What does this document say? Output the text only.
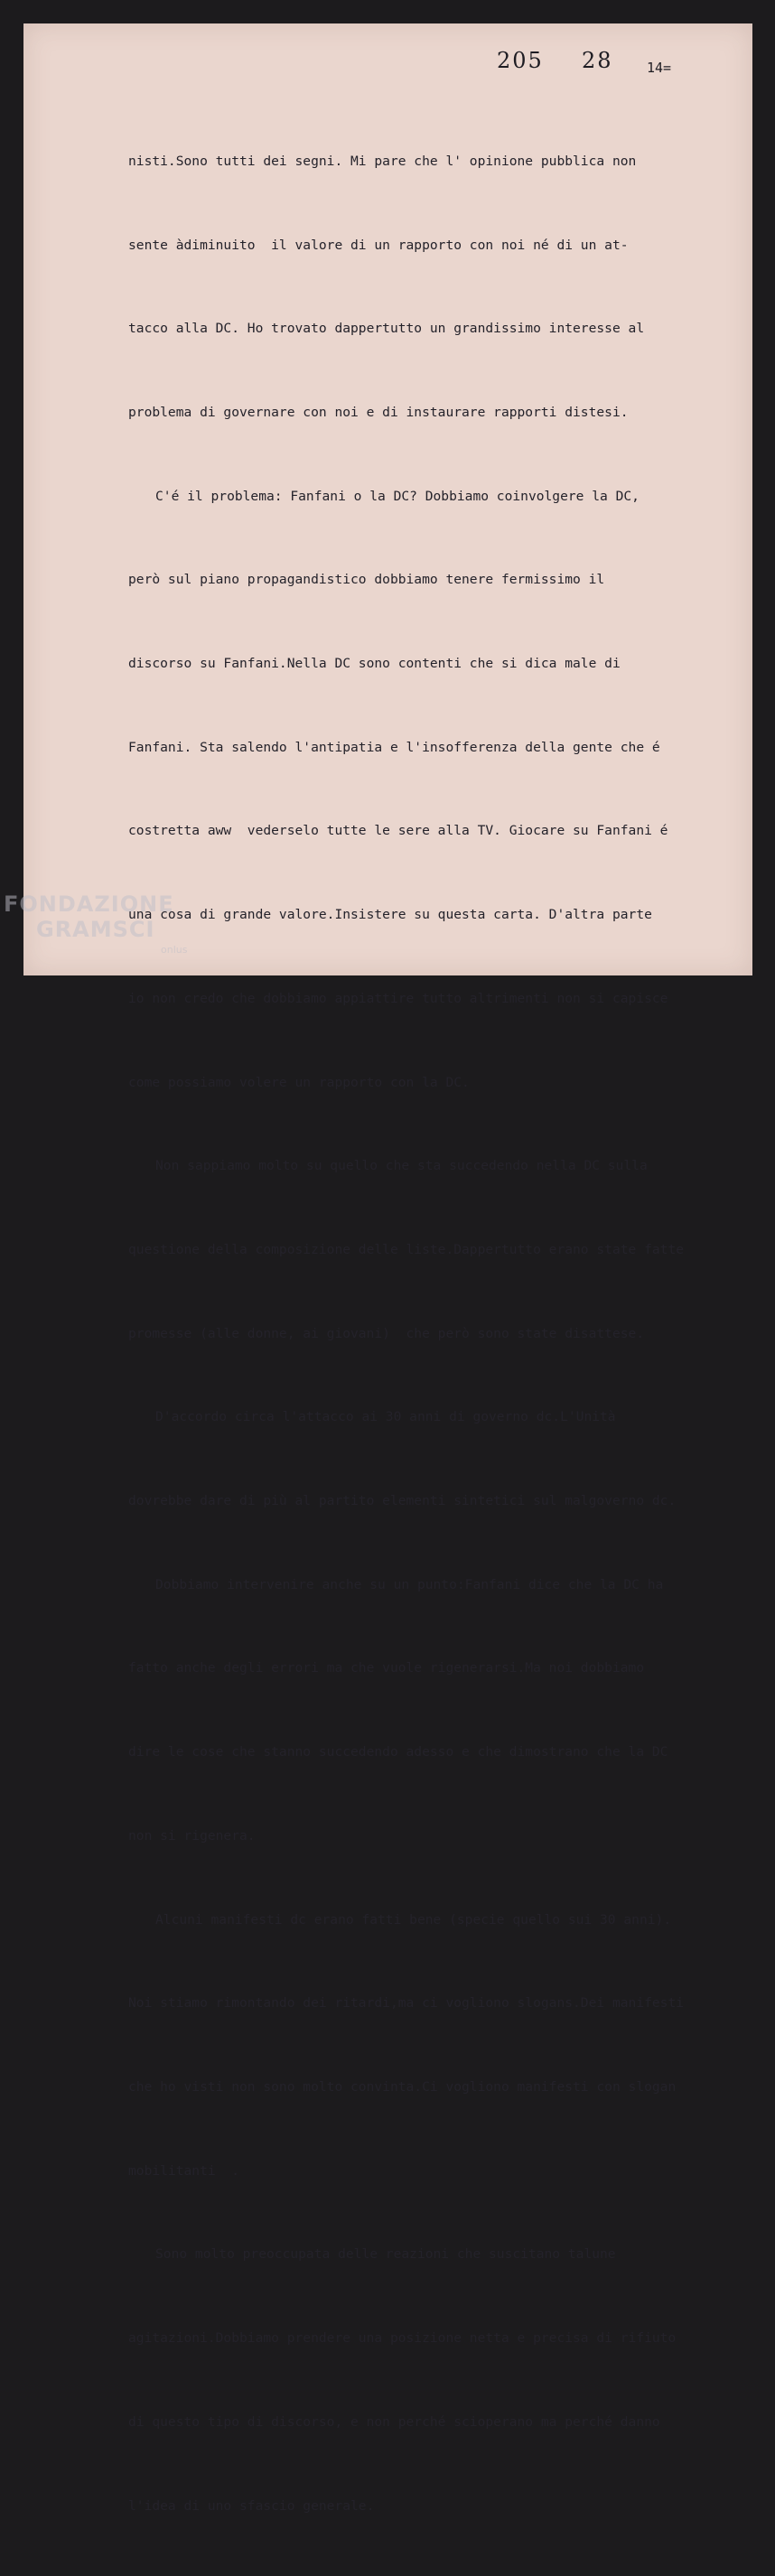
205 28 14=

nisti.Sono tutti dei segni. Mi pare che l' opinione pubblica non

sente àdiminuito  il valore di un rapporto con noi né di un at-

tacco alla DC. Ho trovato dappertutto un grandissimo interesse al

problema di governare con noi e di instaurare rapporti distesi.

C'é il problema: Fanfani o la DC? Dobbiamo coinvolgere la DC,

però sul piano propagandistico dobbiamo tenere fermissimo il

discorso su Fanfani.Nella DC sono contenti che si dica male di

Fanfani. Sta salendo l'antipatia e l'insofferenza della gente che é

costretta aww  vederselo tutte le sere alla TV. Giocare su Fanfani é

una cosa di grande valore.Insistere su questa carta. D'altra parte

io non credo che dobbiamo appiattire tutto altrimenti non si capisce

come possiamo volere un rapporto con la DC.

Non sappiamo molto su quello che sta succedendo nella DC sulla

questione della composizione delle liste.Dappertutto erano state fatte

promesse (alle donne, ai giovani)  che però sono state disattese.

D'accordo circa l'attacco ai 30 anni di governo dc.L'Unità

dovrebbe dare di più al partito elementi sintetici sul malgoverno dc.

Dobbiamo intervenire anche su un punto:Fanfani dice che la DC ha

fatto anche degli errori ma che vuole rigenerarsi.Ma noi dobbiamo

dire le cose che stanno succedendo adesso e che dimostrano che la DC

non si rigenera.

Alcuni manifesti dc erano fatti bene (specie quello sui 30 anni).

Noi stiamo rimontando dei ritardi,ma ci vogliono slogans.Dei manifesti

che ho visti non sono molto convinta.Ci vogliono manifesti con slogan

mobilitanti  .

Sono molto preoccupata delle reazioni che suscitano talune

agitazioni.Dobbiamo prendere una posizione netta e precisa di rifiuto

di questo tipo di discorso, e non perché scioperano ma perché danno

l'idea di uno sfascio generale.

FONDAZIONE
GRAMSCI
onlus
